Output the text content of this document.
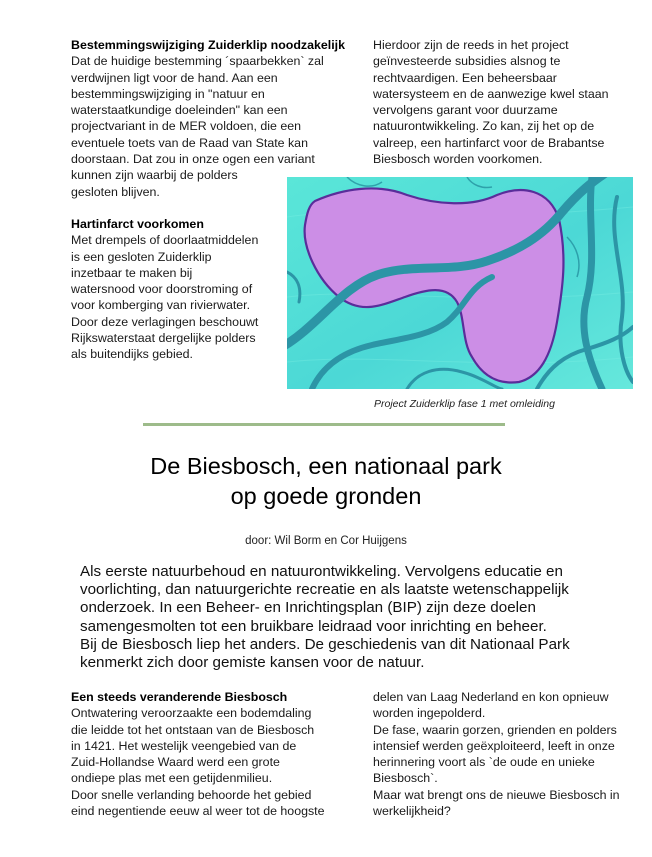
Bestemmingswijziging Zuiderklip noodzakelijk
Dat de huidige bestemming ´spaarbekken` zal
verdwijnen ligt voor de hand. Aan een
bestemmingswijziging in "natuur en
waterstaatkundige doeleinden" kan een
projectvariant in de MER voldoen, die een
eventuele toets van de Raad van State kan
doorstaan. Dat zou in onze ogen een variant
kunnen zijn waarbij de polders
gesloten blijven.
Hartinfarct voorkomen
Met drempels of doorlaatmiddelen
is een gesloten Zuiderklip
inzetbaar te maken bij
watersnood voor doorstroming of
voor komberging van rivierwater.
Door deze verlagingen beschouwt
Rijkswaterstaat dergelijke polders
als buitendijks gebied.
Hierdoor zijn de reeds in het project
geïnvesteerde subsidies alsnog te
rechtvaardigen. Een beheersbaar
watersysteem en de aanwezige kwel staan
vervolgens garant voor duurzame
natuurontwikkeling. Zo kan, zij het op de
valreep, een hartinfarct voor de Brabantse
Biesbosch worden voorkomen.
Project Zuiderklip fase 1 met omleiding
De Biesbosch, een nationaal park
op goede gronden
door: Wil Borm en Cor Huijgens
Als eerste natuurbehoud en natuurontwikkeling. Vervolgens educatie en
voorlichting, dan natuurgerichte recreatie en als laatste wetenschappelijk
onderzoek. In een Beheer- en Inrichtingsplan (BIP) zijn deze doelen
samengesmolten tot een bruikbare leidraad voor inrichting en beheer.
Bij de Biesbosch liep het anders. De geschiedenis van dit Nationaal Park
kenmerkt zich door gemiste kansen voor de natuur.
Een steeds veranderende Biesbosch
Ontwatering veroorzaakte een bodemdaling
die leidde tot het ontstaan van de Biesbosch
in 1421. Het westelijk veengebied van de
Zuid-Hollandse Waard werd een grote
ondiepe plas met een getijdenmilieu.
Door snelle verlanding behoorde het gebied
eind negentiende eeuw al weer tot de hoogste
delen van Laag Nederland en kon opnieuw
worden ingepolderd.
De fase, waarin gorzen, grienden en polders
intensief werden geëxploiteerd, leeft in onze
herinnering voort als `de oude en unieke
Biesbosch`.
Maar wat brengt ons de nieuwe Biesbosch in
werkelijkheid?
